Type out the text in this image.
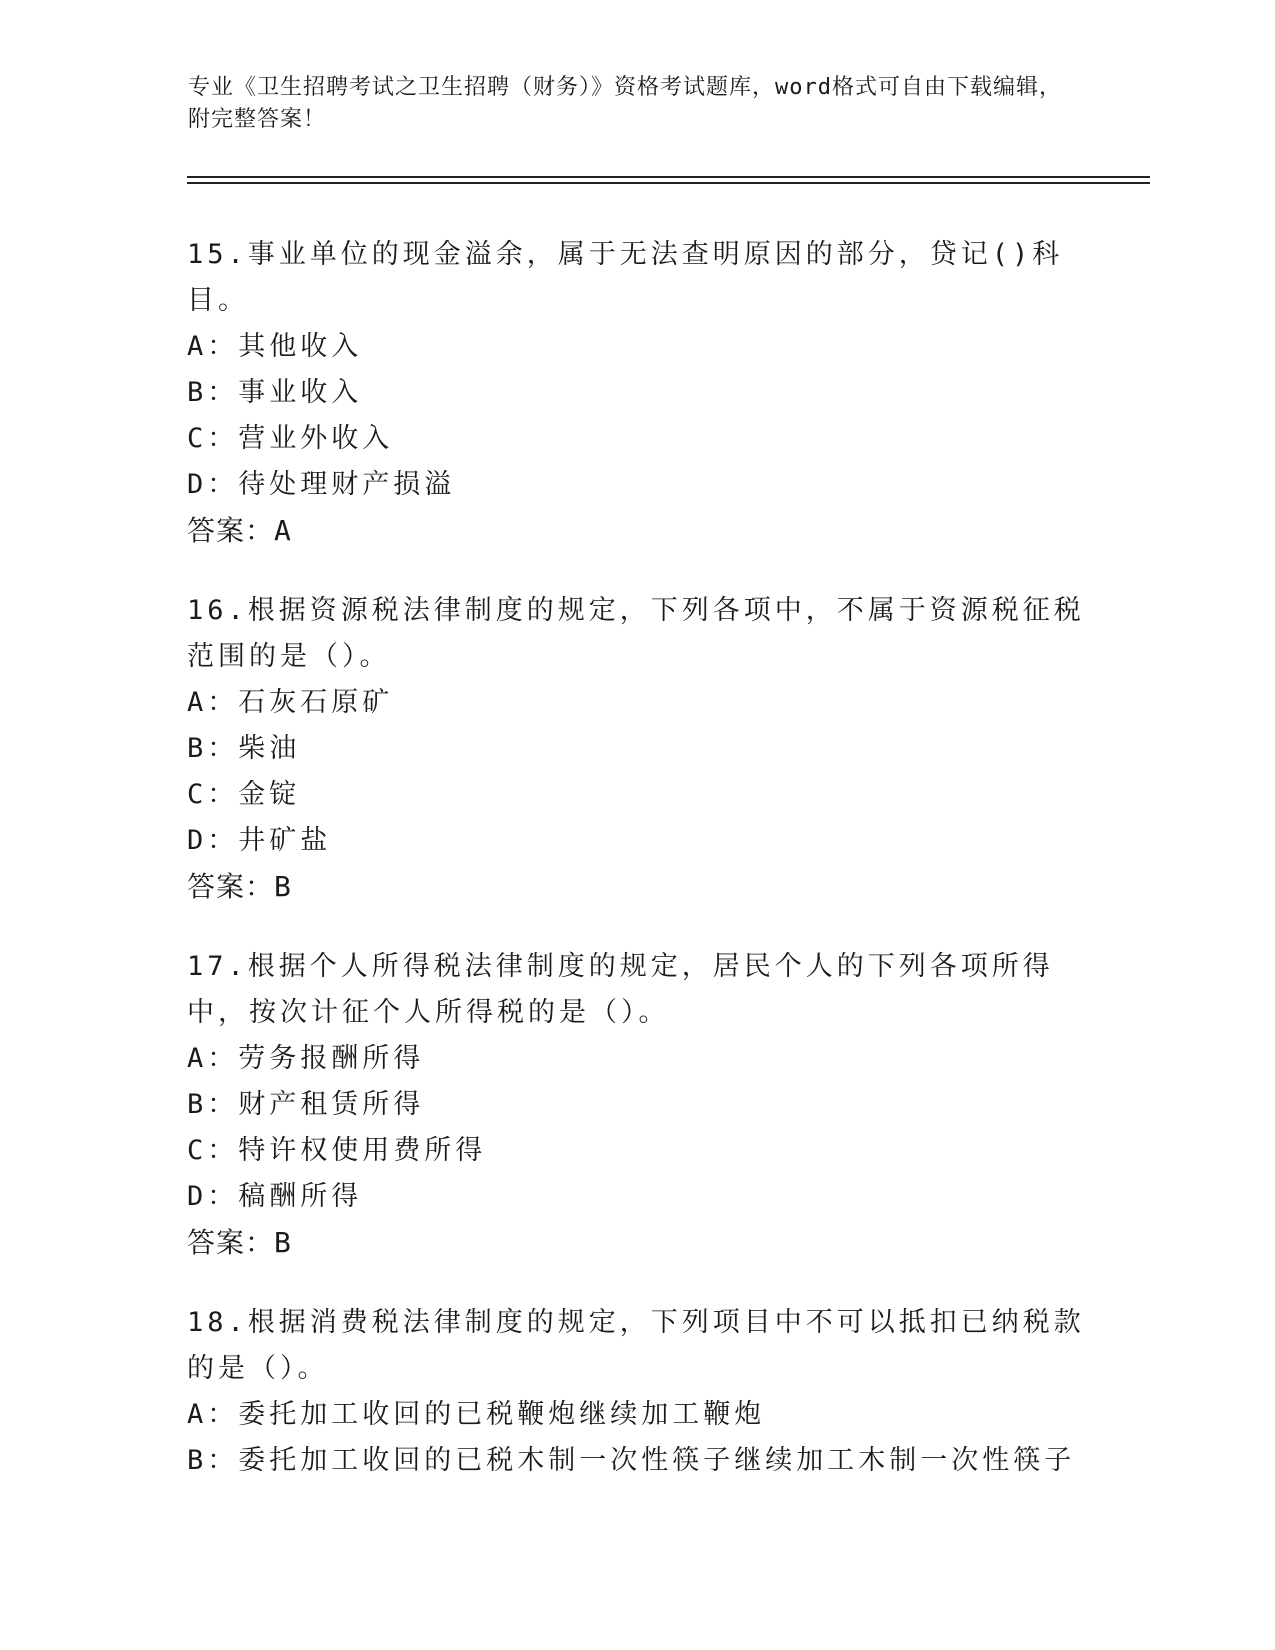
专业《卫生招聘考试之卫生招聘（财务）》资格考试题库，word格式可自由下载编辑，附完整答案！
15.事业单位的现金溢余，属于无法查明原因的部分，贷记()科目。
A：其他收入
B：事业收入
C：营业外收入
D：待处理财产损溢
答案：A
16.根据资源税法律制度的规定，下列各项中，不属于资源税征税范围的是（）。
A：石灰石原矿
B：柴油
C：金锭
D：井矿盐
答案：B
17.根据个人所得税法律制度的规定，居民个人的下列各项所得中，按次计征个人所得税的是（）。
A：劳务报酬所得
B：财产租赁所得
C：特许权使用费所得
D：稿酬所得
答案：B
18.根据消费税法律制度的规定，下列项目中不可以抵扣已纳税款的是（）。
A：委托加工收回的已税鞭炮继续加工鞭炮
B：委托加工收回的已税木制一次性筷子继续加工木制一次性筷子
